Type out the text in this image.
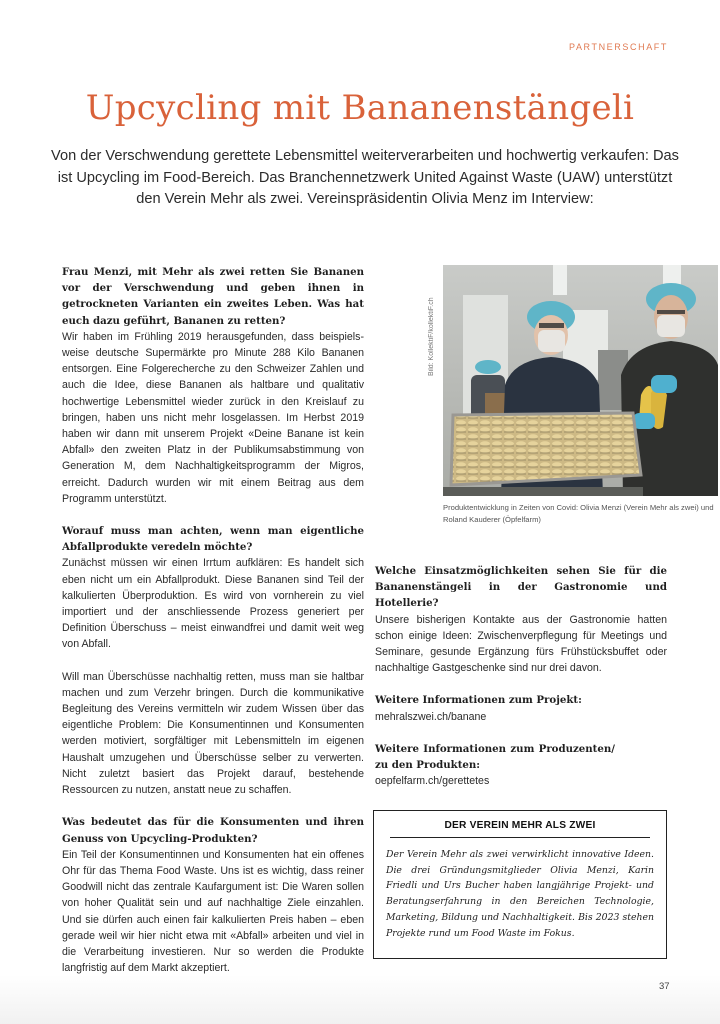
PARTNERSCHAFT
Upcycling mit Bananenstängeli

Von der Verschwendung gerettete Lebensmittel weiterverarbeiten und hochwertig verkaufen: Das ist Upcycling im Food-Bereich. Das Branchennetzwerk United Against Waste (UAW) unterstützt den Verein Mehr als zwei. Vereinspräsidentin Olivia Menz im Interview:

Frau Menzi, mit Mehr als zwei retten Sie Bananen vor der Verschwendung und geben ihnen in getrockneten Varianten ein zweites Leben. Was hat euch dazu geführt, Bananen zu retten?

Wir haben im Frühling 2019 herausgefunden, dass beispielsweise deutsche Supermärkte pro Minute 288 Kilo Bananen entsorgen. Eine Folgerecherche zu den Schweizer Zahlen und auch die Idee, diese Bananen als haltbare und qualitativ hochwertige Lebensmittel wieder zurück in den Kreislauf zu bringen, haben uns nicht mehr losgelassen. Im Herbst 2019 haben wir dann mit unserem Projekt «Deine Banane ist kein Abfall» den zweiten Platz in der Publikumsabstimmung von Generation M, dem Nachhaltigkeitsprogramm der Migros, erreicht. Dadurch wurden wir mit einem Beitrag aus dem Programm unterstützt.

Worauf muss man achten, wenn man eigentliche Abfallprodukte veredeln möchte?

Zunächst müssen wir einen Irrtum aufklären: Es handelt sich eben nicht um ein Abfallprodukt. Diese Bananen sind Teil der kalkulierten Überproduktion. Es wird von vornherein zu viel importiert und der anschliessende Prozess generiert per Definition Überschuss – meist einwandfrei und damit weit weg von Abfall.

Will man Überschüsse nachhaltig retten, muss man sie haltbar machen und zum Verzehr bringen. Durch die kommunikative Begleitung des Vereins vermitteln wir zudem Wissen über das eigentliche Problem: Die Konsumentinnen und Konsumenten werden motiviert, sorgfältiger mit Lebensmitteln im eigenen Haushalt umzugehen und Überschüsse selber zu verwerten. Nicht zuletzt basiert das Projekt darauf, bestehende Ressourcen zu nutzen, anstatt neue zu schaffen.

Was bedeutet das für die Konsumenten und ihren Genuss von Upcycling-Produkten?

Ein Teil der Konsumentinnen und Konsumenten hat ein offenes Ohr für das Thema Food Waste. Uns ist es wichtig, dass reiner Goodwill nicht das zentrale Kaufargument ist: Die Waren sollen von hoher Qualität sein und auf nachhaltige Ziele einzahlen. Und sie dürfen auch einen fair kalkulierten Preis haben – eben gerade weil wir hier nicht etwa mit «Abfall» arbeiten und viel in die Verarbeitung investieren. Nur so werden die Produkte langfristig auf dem Markt akzeptiert.

Bild: KollektiF/kollektiF.ch
Produktentwicklung in Zeiten von Covid: Olivia Menzi (Verein Mehr als zwei) und Roland Kauderer (Öpfelfarm)

Welche Einsatzmöglichkeiten sehen Sie für die Bananenstängeli in der Gastronomie und Hotellerie?

Unsere bisherigen Kontakte aus der Gastronomie hatten schon einige Ideen: Zwischenverpflegung für Meetings und Seminare, gesunde Ergänzung fürs Frühstücksbuffet oder nachhaltige Gastgeschenke sind nur drei davon.

Weitere Informationen zum Projekt:

mehralszwei.ch/banane

Weitere Informationen zum Produzenten/ zu den Produkten:

oepfelfarm.ch/gerettetes
DER VEREIN MEHR ALS ZWEI

Der Verein Mehr als zwei verwirklicht innovative Ideen. Die drei Gründungsmitglieder Olivia Menzi, Karin Friedli und Urs Bucher haben langjährige Projekt- und Beratungserfahrung in den Bereichen Technologie, Marketing, Bildung und Nachhaltigkeit. Bis 2023 stehen Projekte rund um Food Waste im Fokus.

37
